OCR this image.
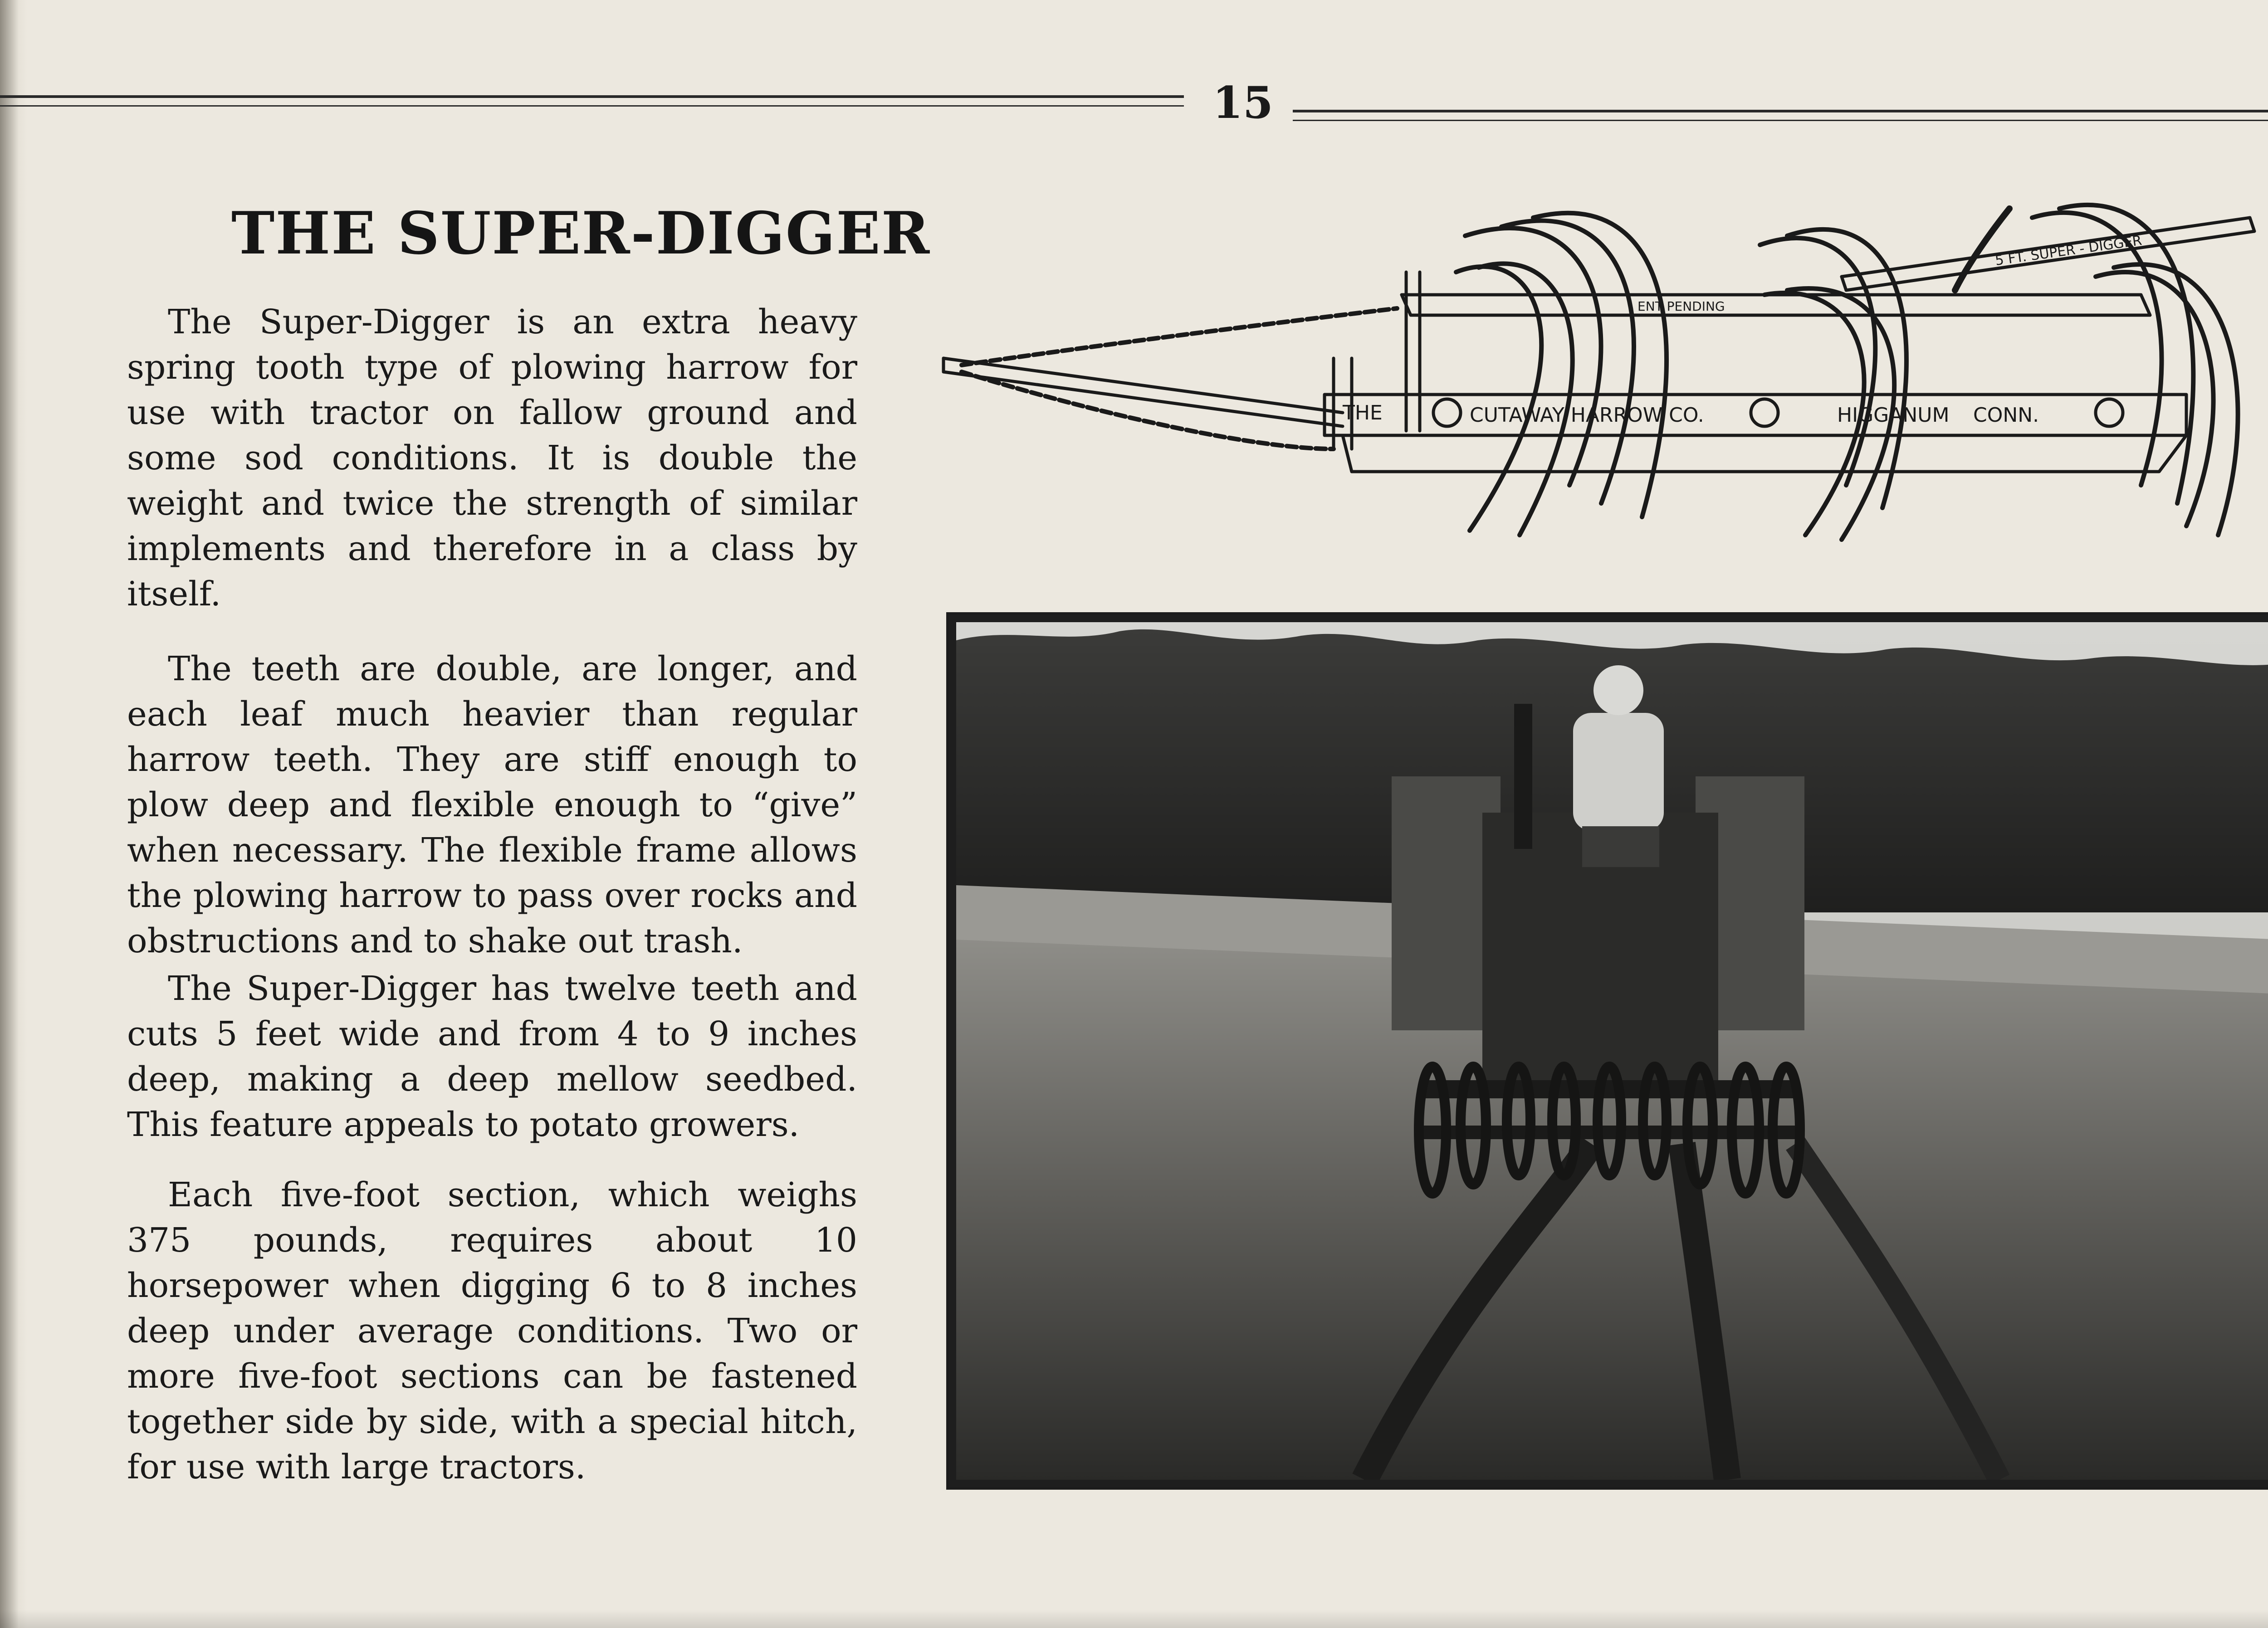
15
THE SUPER-DIGGER

The Super-Digger is an extra heavy spring tooth type of plowing harrow for use with tractor on fallow ground and some sod conditions. It is double the weight and twice the strength of similar implements and therefore in a class by itself.

The teeth are double, are longer, and each leaf much heavier than regular harrow teeth. They are stiff enough to plow deep and flexible enough to “give” when necessary. The flexible frame allows the plowing harrow to pass over rocks and obstructions and to shake out trash.

The Super-Digger has twelve teeth and cuts 5 feet wide and from 4 to 9 inches deep, making a deep mellow seedbed. This feature appeals to potato growers.

Each five-foot section, which weighs 375 pounds, requires about 10 horsepower when digging 6 to 8 inches deep under average conditions. Two or more five-foot sections can be fastened together side by side, with a special hitch, for use with large tractors.

THE	CUTAWAY HARROW CO.	HIGGANUM CONN.
ENT PENDING
5 FT. SUPER - DIGGER
